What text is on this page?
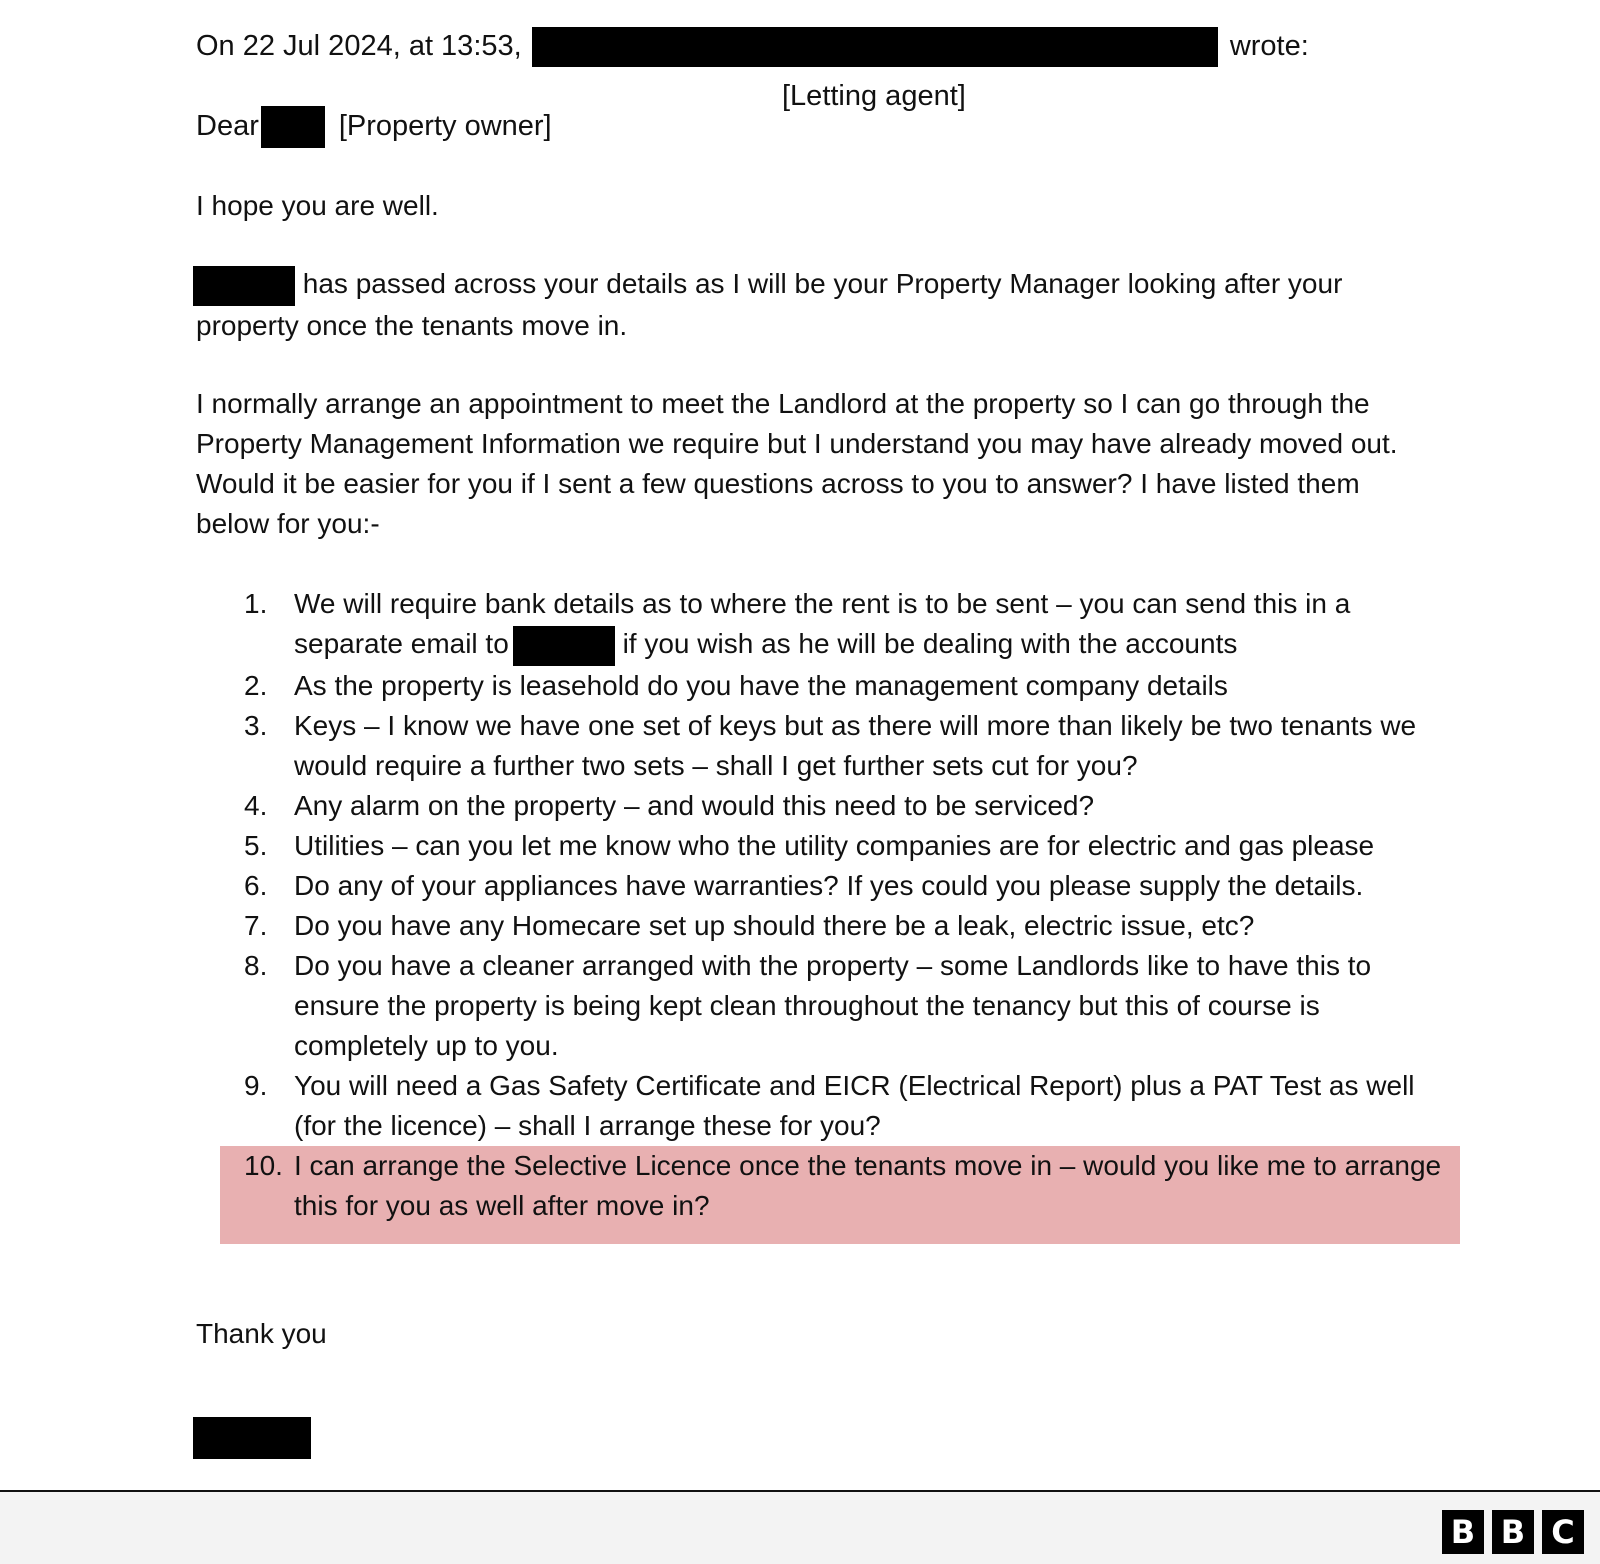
On 22 Jul 2024, at 13:53,	wrote:
[Letting agent]
Dear	[Property owner]
I hope you are well.
has passed across your details as I will be your Property Manager looking after your property once the tenants move in.
I normally arrange an appointment to meet the Landlord at the property so I can go through the Property Management Information we require but I understand you may have already moved out. Would it be easier for you if I sent a few questions across to you to answer? I have listed them below for you:-
1. We will require bank details as to where the rent is to be sent – you can send this in a separate email to	if you wish as he will be dealing with the accounts
2. As the property is leasehold do you have the management company details
3. Keys – I know we have one set of keys but as there will more than likely be two tenants we would require a further two sets – shall I get further sets cut for you?
4. Any alarm on the property – and would this need to be serviced?
5. Utilities – can you let me know who the utility companies are for electric and gas please
6. Do any of your appliances have warranties? If yes could you please supply the details.
7. Do you have any Homecare set up should there be a leak, electric issue, etc?
8. Do you have a cleaner arranged with the property – some Landlords like to have this to ensure the property is being kept clean throughout the tenancy but this of course is completely up to you.
9. You will need a Gas Safety Certificate and EICR (Electrical Report) plus a PAT Test as well (for the licence) – shall I arrange these for you?
10. I can arrange the Selective Licence once the tenants move in – would you like me to arrange this for you as well after move in?
Thank you
B B C
